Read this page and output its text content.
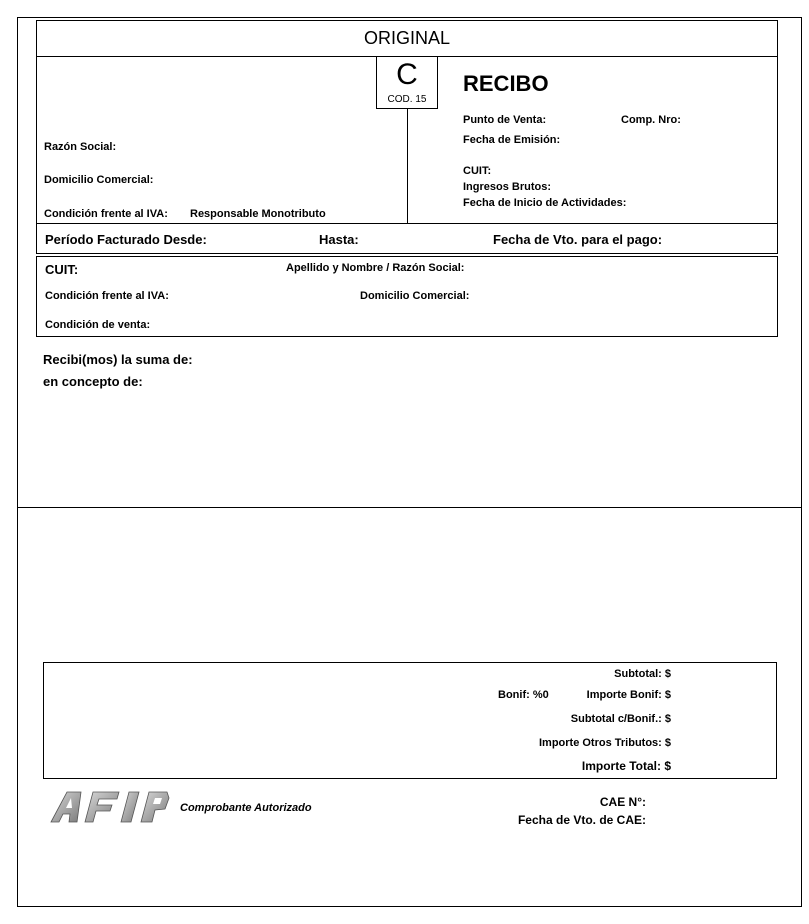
ORIGINAL
C
COD. 15
RECIBO
Razón Social:
Domicilio Comercial:
Condición frente al IVA: Responsable Monotributo
Punto de Venta:	Comp. Nro:
Fecha de Emisión:
CUIT:
Ingresos Brutos:
Fecha de Inicio de Actividades:
Período Facturado Desde:	Hasta:	Fecha de Vto. para el pago:
CUIT:	Apellido y Nombre / Razón Social:
Condición frente al IVA:	Domicilio Comercial:
Condición de venta:
Recibi(mos) la suma de:
en concepto de:
Subtotal: $
Bonif: %0	Importe Bonif: $
Subtotal c/Bonif.: $
Importe Otros Tributos: $
Importe Total: $
Comprobante Autorizado	CAE N°:
Fecha de Vto. de CAE:
